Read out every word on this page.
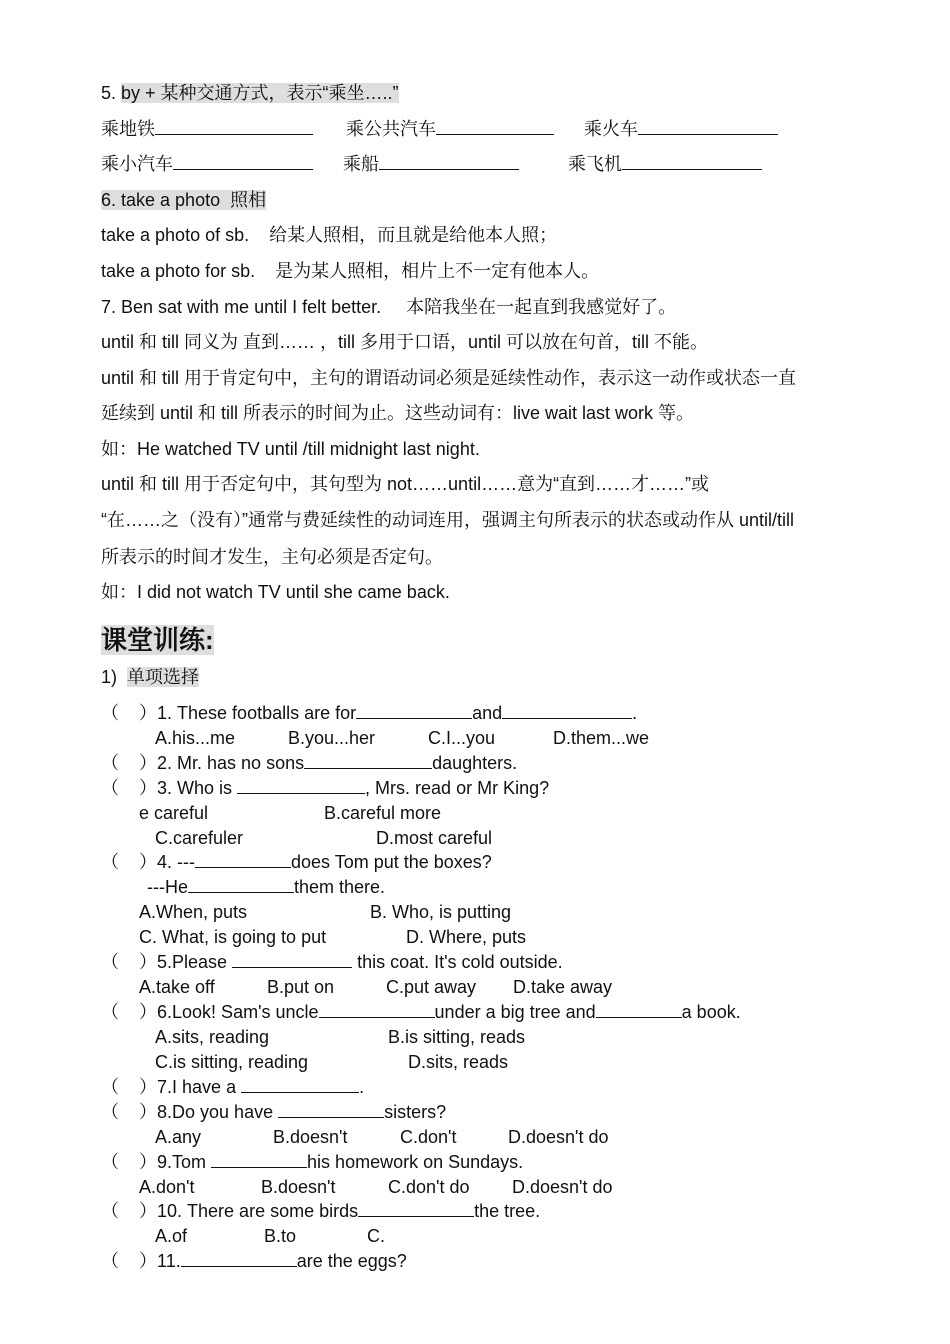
5. by + 某种交通方式，表示“乘坐…..”
乘地铁	乘公共汽车	乘火车
乘小汽车	乘船	乘飞机
6. take a photo  照相
take a photo of sb.    给某人照相，而且就是给他本人照；
take a photo for sb.    是为某人照相，相片上不一定有他本人。
7. Ben sat with me until I felt better.     本陪我坐在一起直到我感觉好了。
until 和 till 同义为 直到…… ，till 多用于口语，until 可以放在句首，till 不能。
until 和 till 用于肯定句中，主句的谓语动词必须是延续性动作，表示这一动作或状态一直
延续到 until 和 till 所表示的时间为止。这些动词有：live wait last work 等。
如：He watched TV until /till midnight last night.
until 和 till 用于否定句中，其句型为 not……until……意为“直到……才……”或
“在……之（没有）”通常与费延续性的动词连用，强调主句所表示的状态或动作从 until/till
所表示的时间才发生，主句必须是否定句。
如：I did not watch TV until she came back.
课堂训练:
1) 单项选择
（    ）1. These footballs are for	and	.
A.his...me	B.you...her	C.I...you	D.them...we
（    ）2. Mr. has no sons	daughters.
（    ）3. Who is	, Mrs. read or Mr King?
e careful	B.careful more
C.carefuler	D.most careful
（    ）4. ---	does Tom put the boxes?
---He	them there.
A.When, puts	B. Who, is putting
C. What, is going to put	D. Where, puts
（    ）5.Please	this coat. It's cold outside.
A.take off	B.put on	C.put away D.take away
（    ）6.Look! Sam's uncle	under a big tree and	a book.
A.sits, reading	B.is sitting, reads
C.is sitting, reading	D.sits, reads
（    ）7.I have a	.
（    ）8.Do you have	sisters?
A.any	B.doesn't	C.don't	D.doesn't do
（    ）9.Tom	his homework on Sundays.
A.don't	B.doesn't	C.don't do D.doesn't do
（    ）10. There are some birds	the tree.
A.of	B.to	C.
（    ）11.	are the eggs?
